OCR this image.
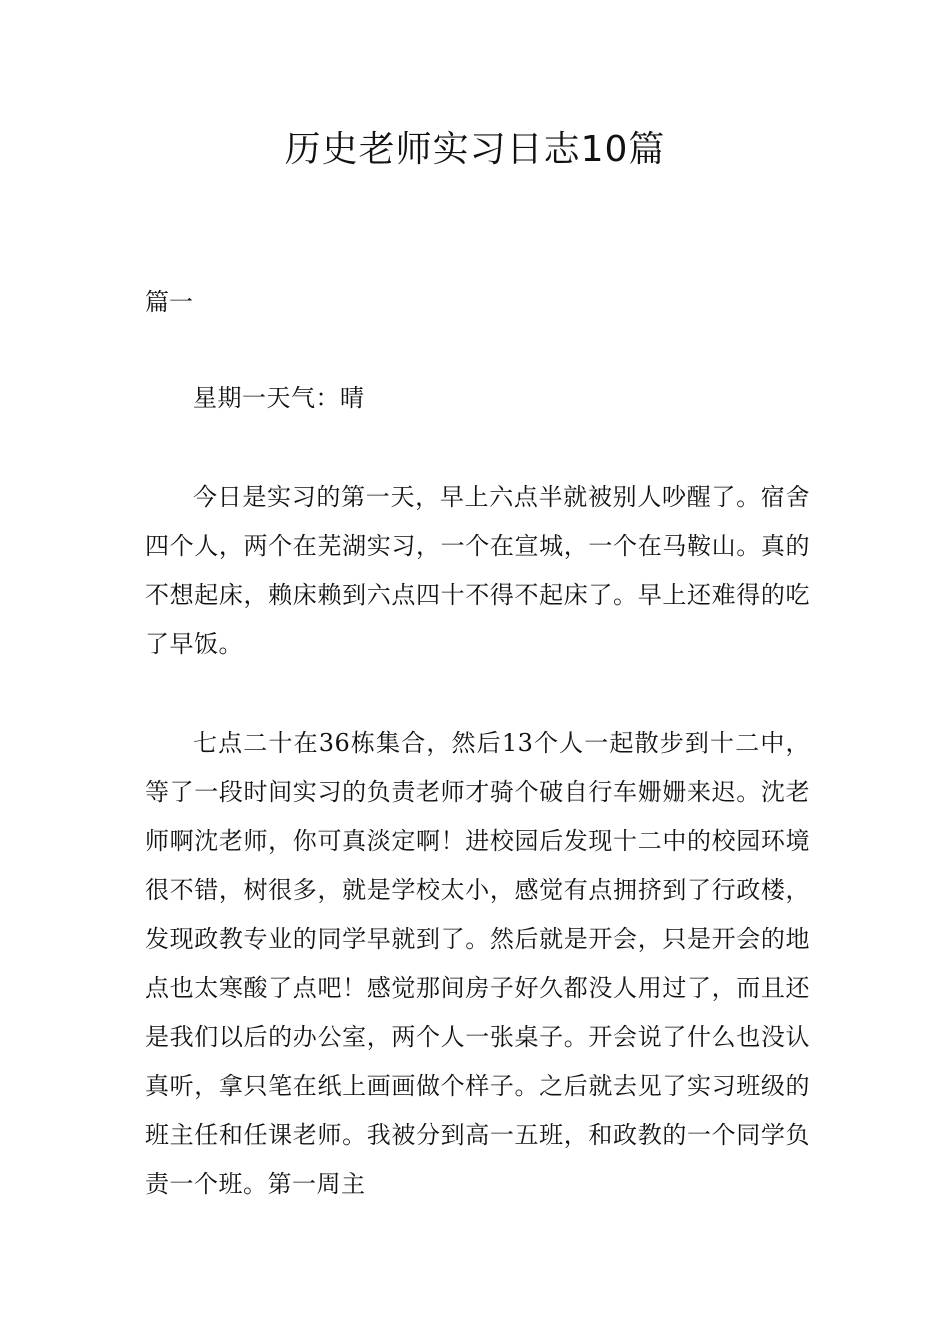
历史老师实习日志10篇

篇一

星期一天气：晴

今日是实习的第一天，早上六点半就被别人吵醒了。宿舍四个人，两个在芜湖实习，一个在宣城，一个在马鞍山。真的不想起床，赖床赖到六点四十不得不起床了。早上还难得的吃了早饭。

七点二十在36栋集合，然后13个人一起散步到十二中，等了一段时间实习的负责老师才骑个破自行车姗姗来迟。沈老师啊沈老师，你可真淡定啊！进校园后发现十二中的校园环境很不错，树很多，就是学校太小，感觉有点拥挤到了行政楼，发现政教专业的同学早就到了。然后就是开会，只是开会的地点也太寒酸了点吧！感觉那间房子好久都没人用过了，而且还是我们以后的办公室，两个人一张桌子。开会说了什么也没认真听，拿只笔在纸上画画做个样子。之后就去见了实习班级的班主任和任课老师。我被分到高一五班，和政教的一个同学负责一个班。第一周主
